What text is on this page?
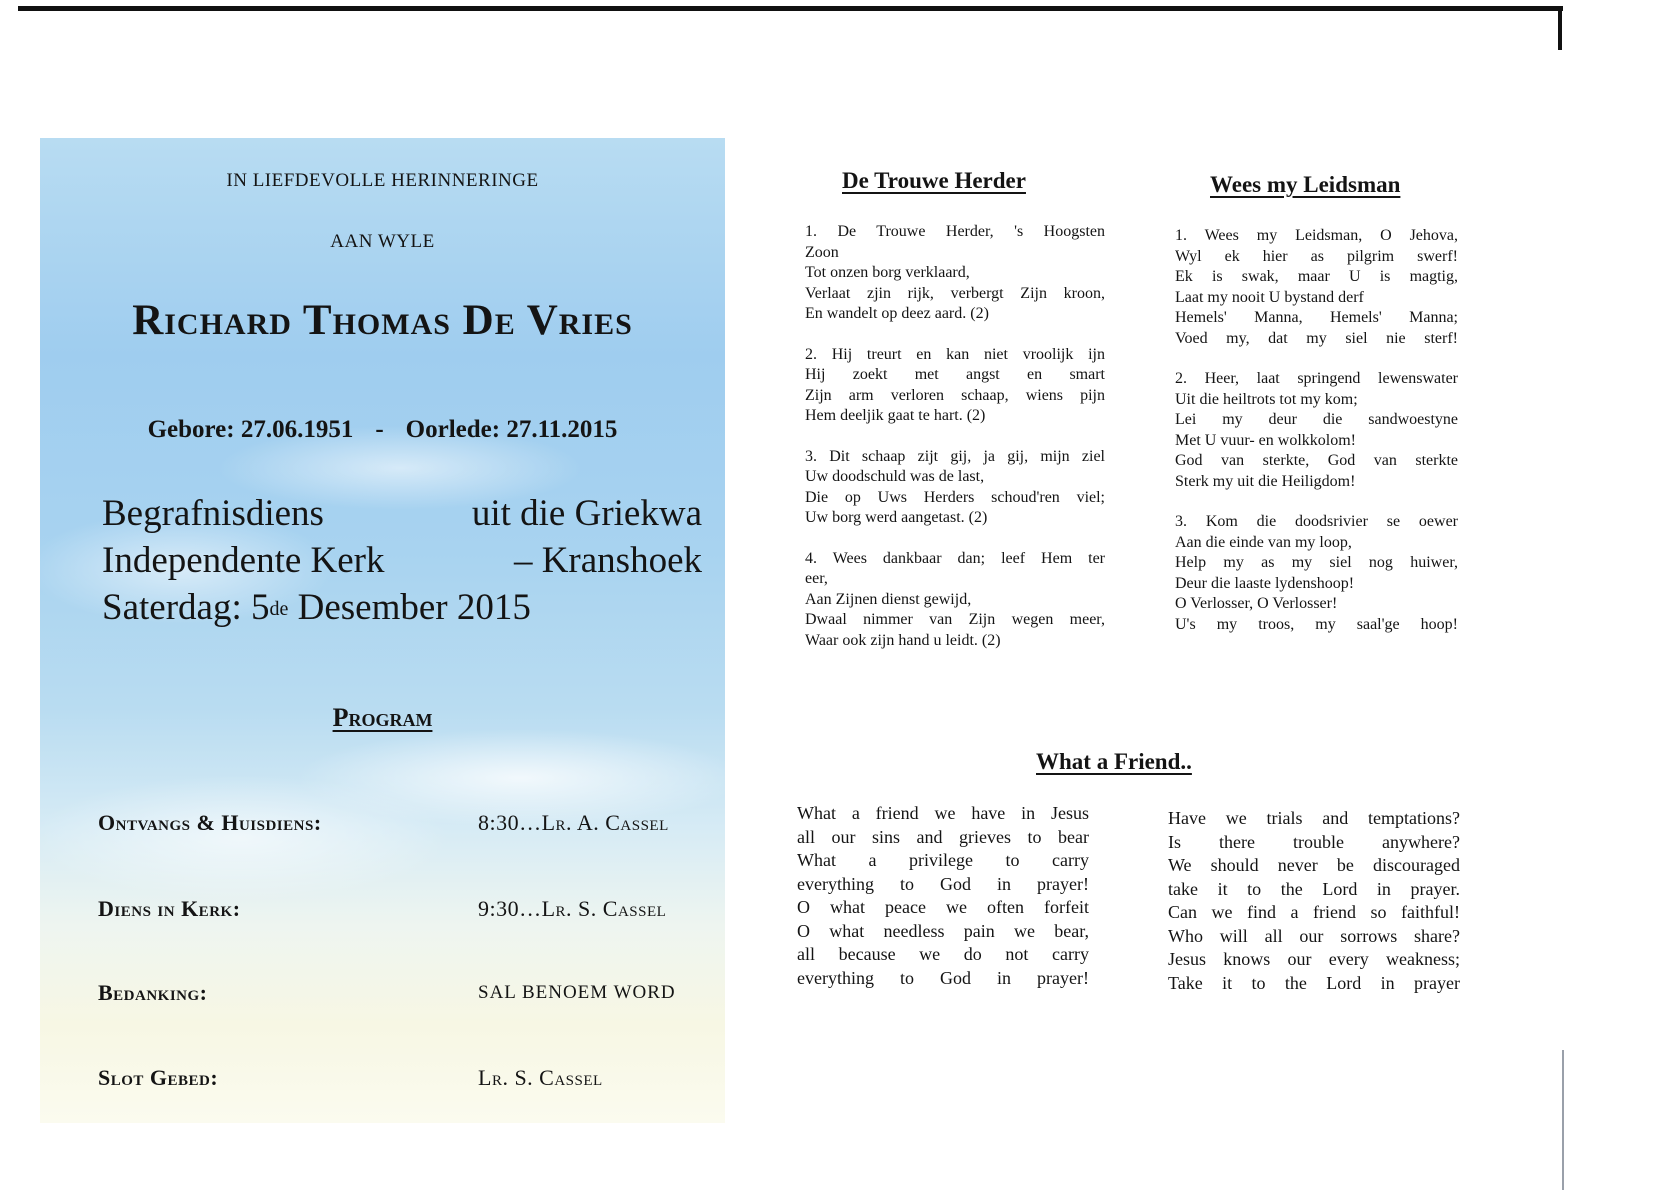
IN LIEFDEVOLLE HERINNERINGE
AAN WYLE
Richard Thomas De Vries
Gebore: 27.06.1951 - Oorlede: 27.11.2015
Begrafnisdiens	uit die Griekwa
Independente Kerk	– Kranshoek
Saterdag: 5de Desember 2015
Program
Ontvangs & Huisdiens:	8:30…Lr. A. Cassel
Diens in Kerk:	9:30…Lr. S. Cassel
Bedanking:	SAL BENOEM WORD
Slot Gebed:	Lr. S. Cassel
De Trouwe Herder
1. De Trouwe Herder, 's Hoogsten
Zoon
Tot onzen borg verklaard,
Verlaat zjin rijk, verbergt Zijn kroon,
En wandelt op deez aard. (2)
2. Hij treurt en kan niet vroolijk ijn
Hij zoekt met angst en smart
Zijn arm verloren schaap, wiens pijn
Hem deeljik gaat te hart. (2)
3. Dit schaap zijt gij, ja gij, mijn ziel
Uw doodschuld was de last,
Die op Uws Herders schoud'ren viel;
Uw borg werd aangetast. (2)
4. Wees dankbaar dan; leef Hem ter
eer,
Aan Zijnen dienst gewijd,
Dwaal nimmer van Zijn wegen meer,
Waar ook zijn hand u leidt. (2)
Wees my Leidsman
1. Wees my Leidsman, O Jehova,
Wyl ek hier as pilgrim swerf!
Ek is swak, maar U is magtig,
Laat my nooit U bystand derf
Hemels' Manna, Hemels' Manna;
Voed my, dat my siel nie sterf!
2. Heer, laat springend lewenswater
Uit die heiltrots tot my kom;
Lei my deur die sandwoestyne
Met U vuur- en wolkkolom!
God van sterkte, God van sterkte
Sterk my uit die Heiligdom!
3. Kom die doodsrivier se oewer
Aan die einde van my loop,
Help my as my siel nog huiwer,
Deur die laaste lydenshoop!
O Verlosser, O Verlosser!
U's my troos, my saal'ge hoop!
What a Friend..
What a friend we have in Jesus
all our sins and grieves to bear
What a privilege to carry
everything to God in prayer!
O what peace we often forfeit
O what needless pain we bear,
all because we do not carry
everything to God in prayer!
Have we trials and temptations?
Is there trouble anywhere?
We should never be discouraged
take it to the Lord in prayer.
Can we find a friend so faithful!
Who will all our sorrows share?
Jesus knows our every weakness;
Take it to the Lord in prayer
